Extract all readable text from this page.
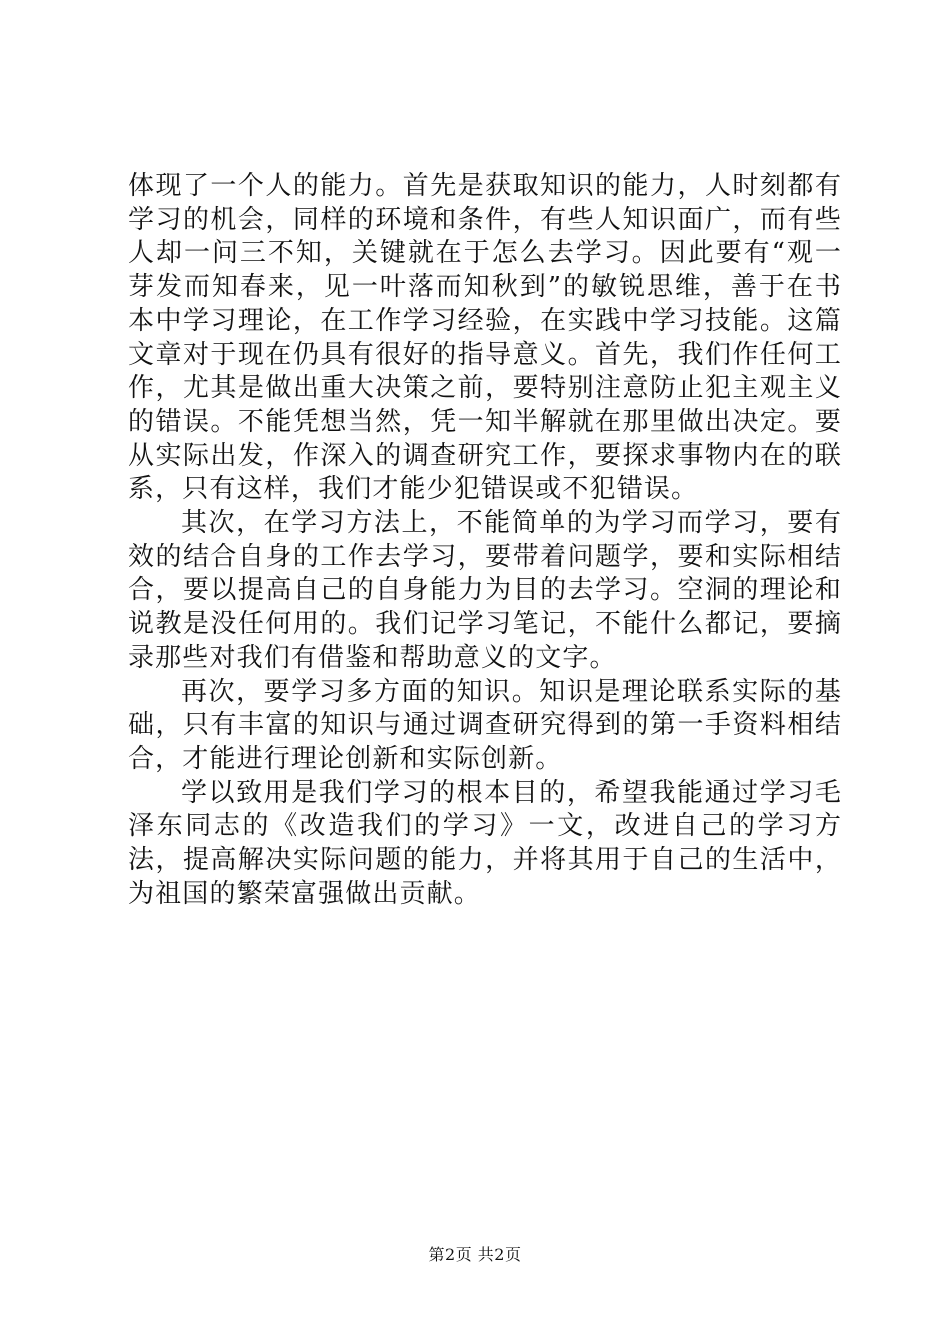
体现了一个人的能力。首先是获取知识的能力，人时刻都有学习的机会，同样的环境和条件，有些人知识面广，而有些人却一问三不知，关键就在于怎么去学习。因此要有“观一芽发而知春来，见一叶落而知秋到”的敏锐思维，善于在书本中学习理论，在工作学习经验，在实践中学习技能。这篇文章对于现在仍具有很好的指导意义。首先，我们作任何工作，尤其是做出重大决策之前，要特别注意防止犯主观主义的错误。不能凭想当然，凭一知半解就在那里做出决定。要从实际出发，作深入的调查研究工作，要探求事物内在的联系，只有这样，我们才能少犯错误或不犯错误。

其次，在学习方法上，不能简单的为学习而学习，要有效的结合自身的工作去学习，要带着问题学，要和实际相结合，要以提高自己的自身能力为目的去学习。空洞的理论和说教是没任何用的。我们记学习笔记，不能什么都记，要摘录那些对我们有借鉴和帮助意义的文字。

再次，要学习多方面的知识。知识是理论联系实际的基础，只有丰富的知识与通过调查研究得到的第一手资料相结合，才能进行理论创新和实际创新。

学以致用是我们学习的根本目的，希望我能通过学习毛泽东同志的《改造我们的学习》一文，改进自己的学习方法，提高解决实际问题的能力，并将其用于自己的生活中，为祖国的繁荣富强做出贡献。

第2页 共2页
